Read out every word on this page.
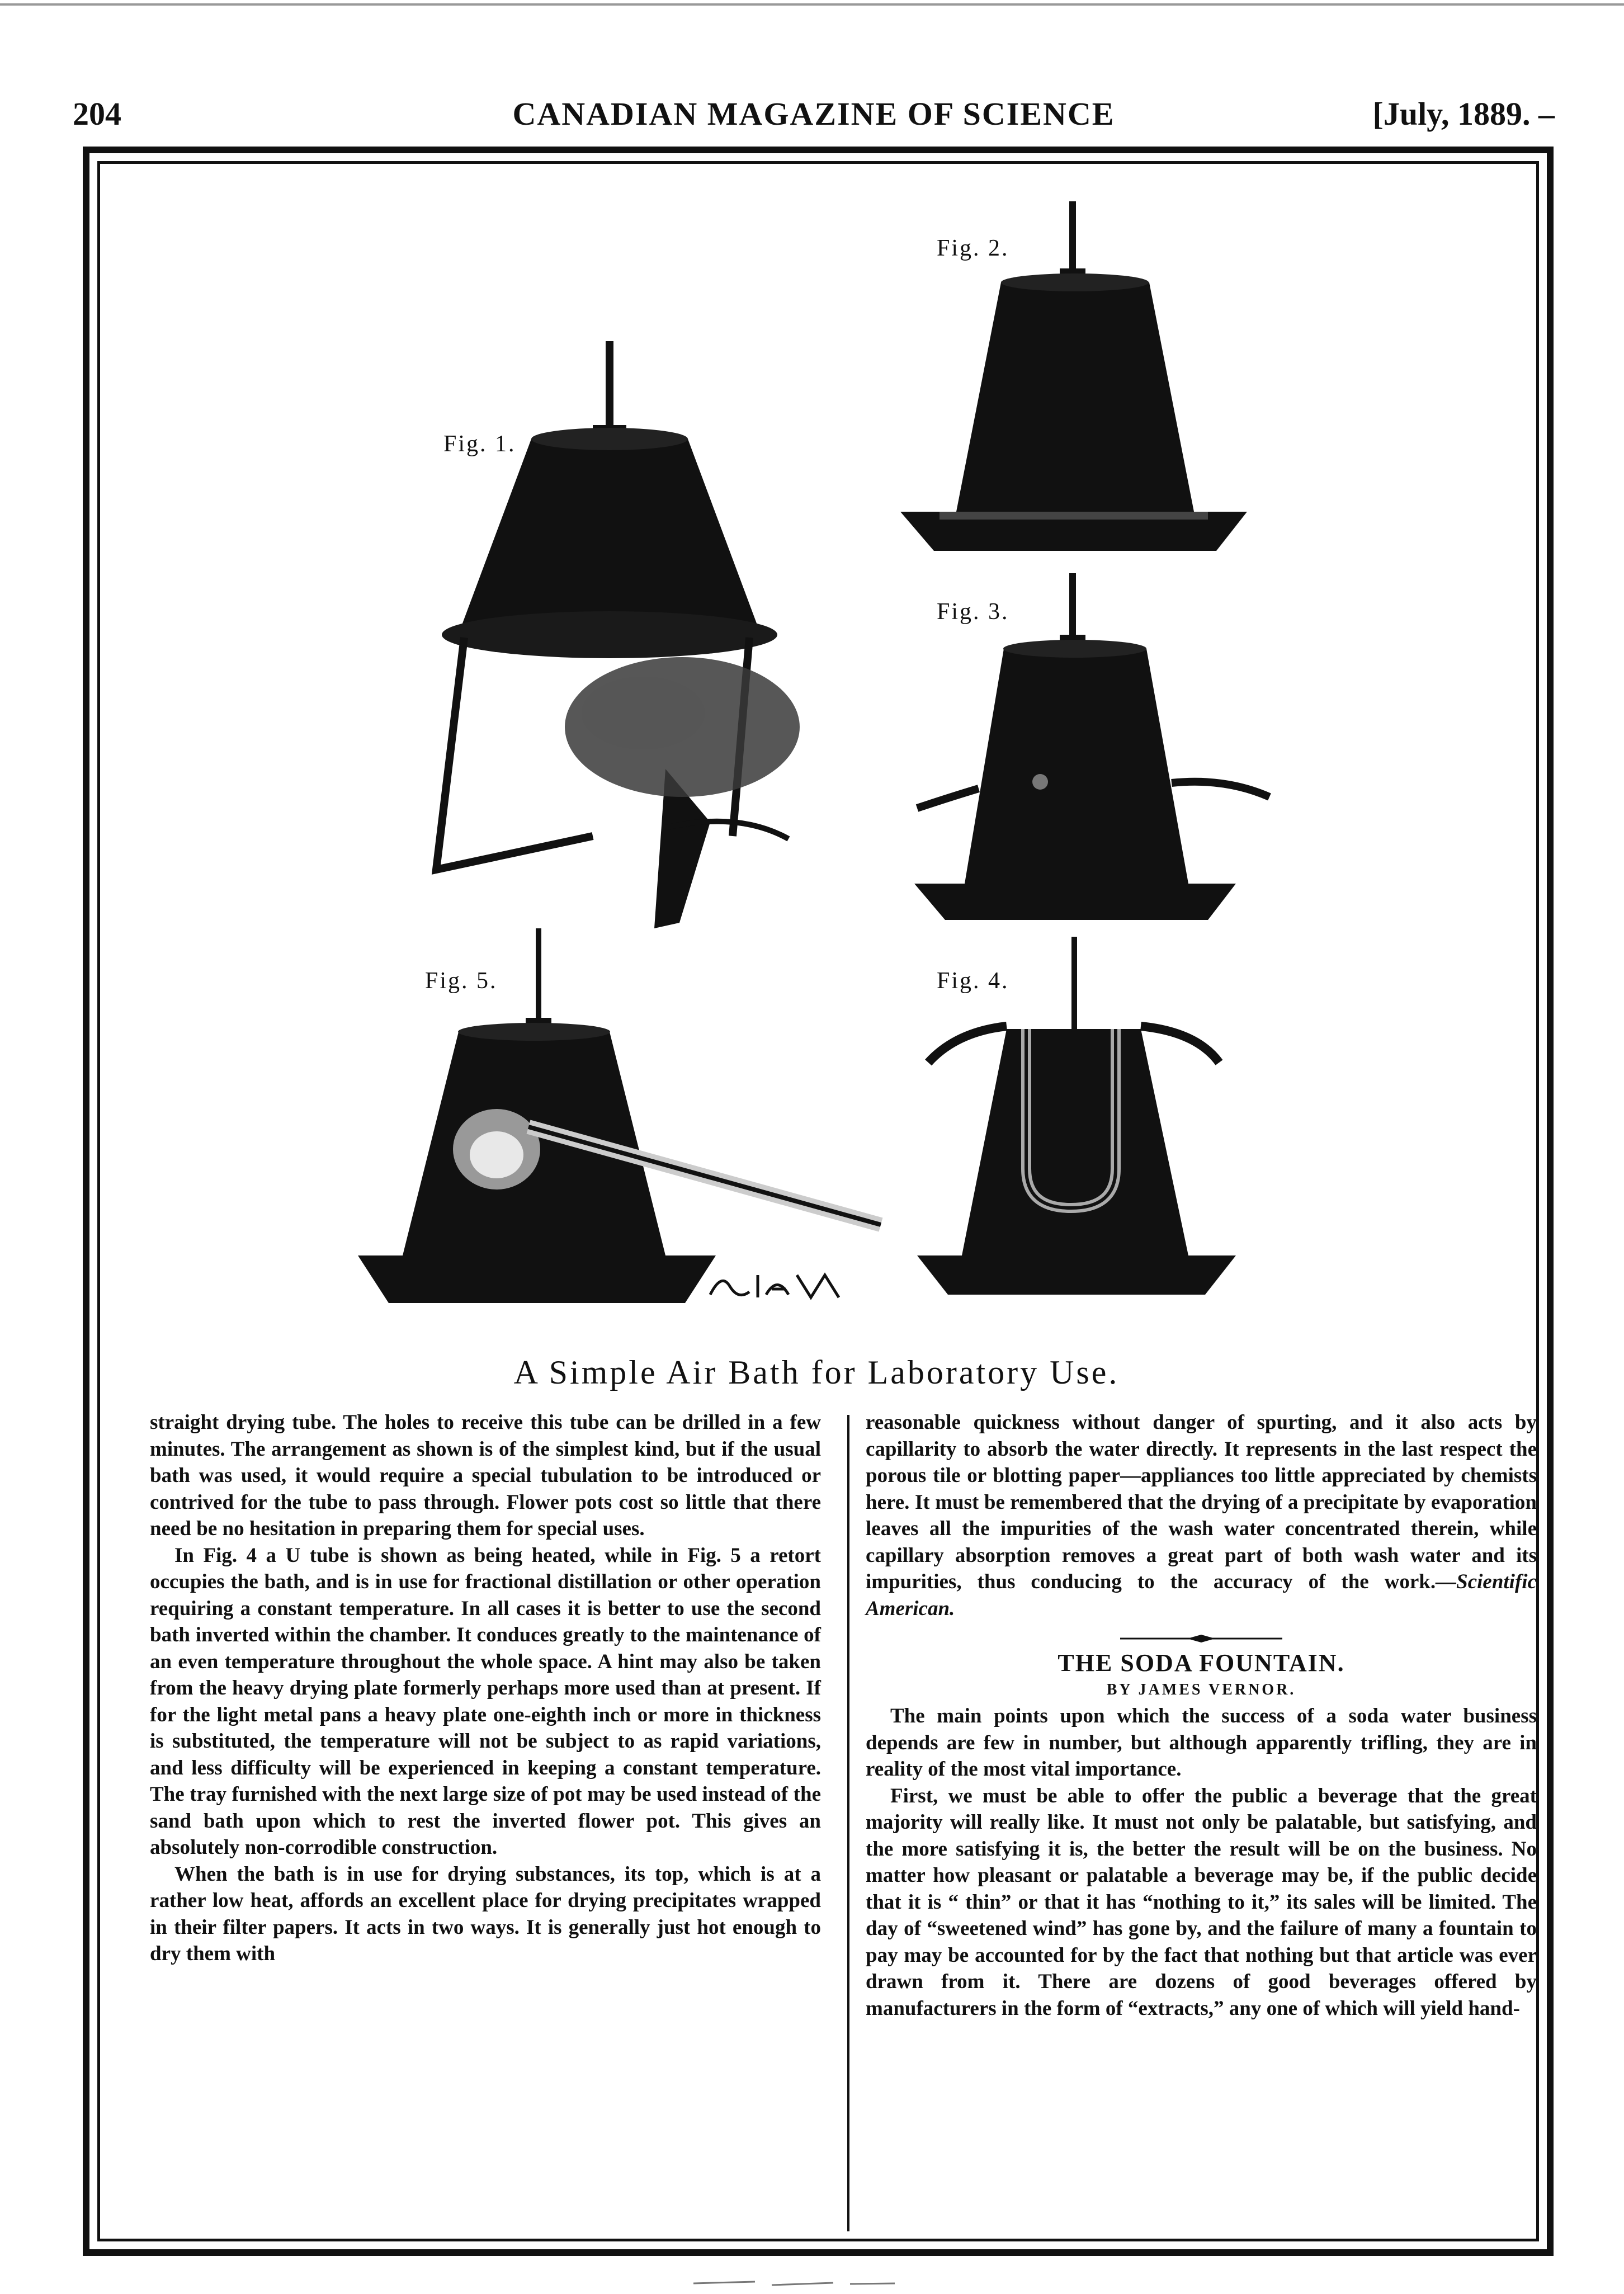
204	CANADIAN MAGAZINE OF SCIENCE	[July, 1889. –
Fig. 1.
Fig. 2.
Fig. 3.
Fig. 5.	Fig. 4.
A Simple Air Bath for Laboratory Use.

straight drying tube. The holes to receive this tube can be drilled in a few minutes. The arrangement as shown is of the simplest kind, but if the usual bath was used, it would require a special tubulation to be introduced or contrived for the tube to pass through. Flower pots cost so little that there need be no hesitation in preparing them for special uses.

In Fig. 4 a U tube is shown as being heated, while in Fig. 5 a retort occupies the bath, and is in use for fractional distillation or other operation requiring a constant temperature. In all cases it is better to use the second bath inverted within the chamber. It conduces greatly to the maintenance of an even temperature throughout the whole space. A hint may also be taken from the heavy drying plate formerly perhaps more used than at present. If for the light metal pans a heavy plate one-eighth inch or more in thickness is substituted, the temperature will not be subject to as rapid variations, and less difficulty will be experienced in keeping a constant temperature. The tray furnished with the next large size of pot may be used instead of the sand bath upon which to rest the inverted flower pot. This gives an absolutely non-corrodible construction.

When the bath is in use for drying substances, its top, which is at a rather low heat, affords an excellent place for drying precipitates wrapped in their filter papers. It acts in two ways. It is generally just hot enough to dry them with

reasonable quickness without danger of spurting, and it also acts by capillarity to absorb the water directly. It represents in the last respect the porous tile or blotting paper—appliances too little appreciated by chemists here. It must be remembered that the drying of a precipitate by evaporation leaves all the impurities of the wash water concentrated therein, while capillary absorption removes a great part of both wash water and its impurities, thus conducing to the accuracy of the work.—Scientific American.

THE SODA FOUNTAIN.

BY JAMES VERNOR.

The main points upon which the success of a soda water business depends are few in number, but although apparently trifling, they are in reality of the most vital importance.

First, we must be able to offer the public a beverage that the great majority will really like. It must not only be palatable, but satisfying, and the more satisfying it is, the better the result will be on the business. No matter how pleasant or palatable a beverage may be, if the public decide that it is “ thin” or that it has “nothing to it,” its sales will be limited. The day of “sweetened wind” has gone by, and the failure of many a fountain to pay may be accounted for by the fact that nothing but that article was ever drawn from it. There are dozens of good beverages offered by manufacturers in the form of “extracts,” any one of which will yield hand-
